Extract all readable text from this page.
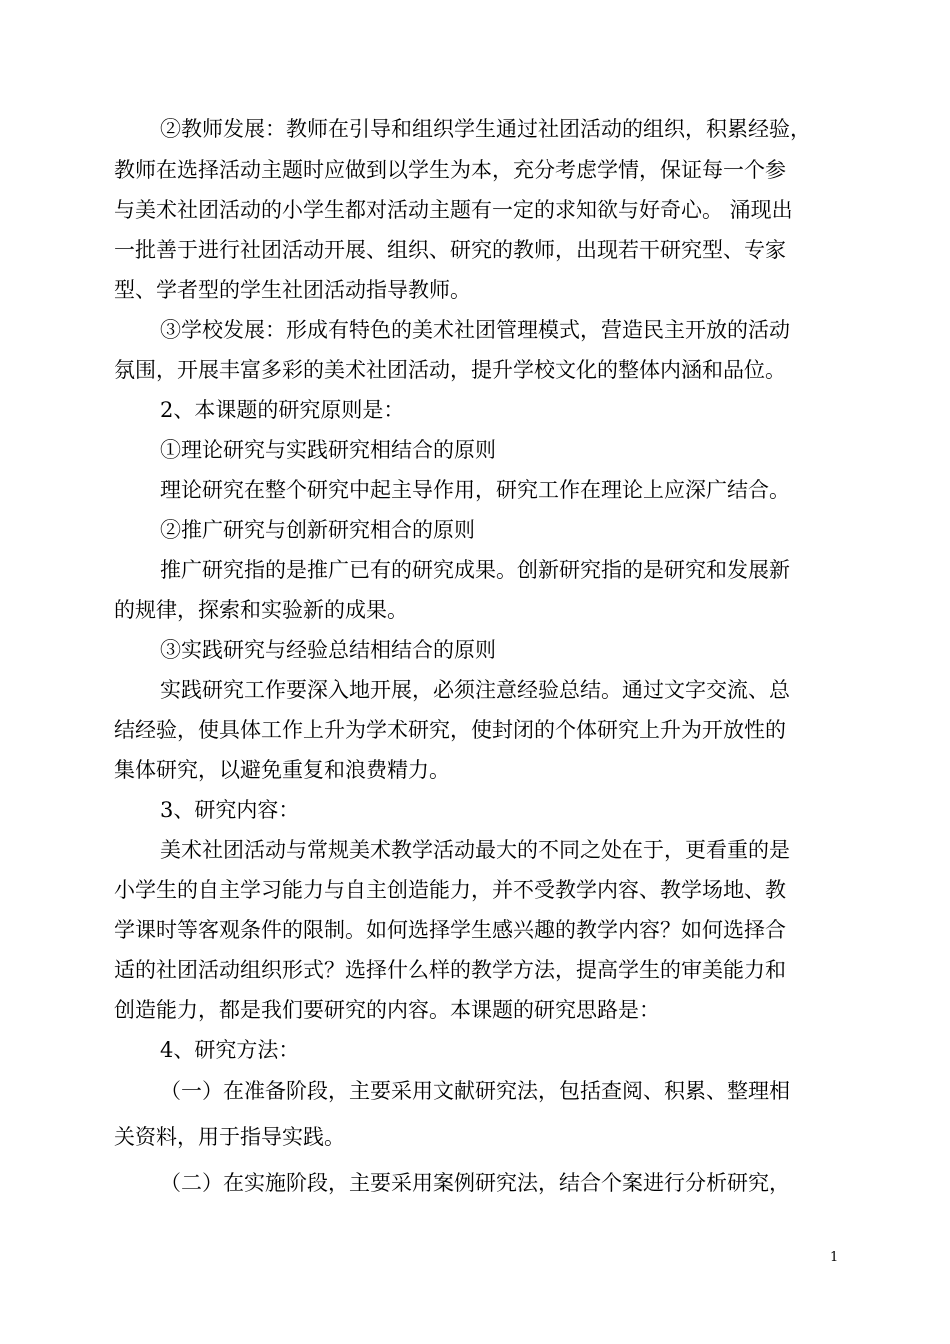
②教师发展：教师在引导和组织学生通过社团活动的组织，积累经验，
教师在选择活动主题时应做到以学生为本，充分考虑学情，保证每一个参
与美术社团活动的小学生都对活动主题有一定的求知欲与好奇心。 涌现出
一批善于进行社团活动开展、组织、研究的教师，出现若干研究型、专家
型、学者型的学生社团活动指导教师。
③学校发展：形成有特色的美术社团管理模式，营造民主开放的活动
氛围，开展丰富多彩的美术社团活动，提升学校文化的整体内涵和品位。
2、本课题的研究原则是：
①理论研究与实践研究相结合的原则
理论研究在整个研究中起主导作用，研究工作在理论上应深广结合。
②推广研究与创新研究相合的原则
推广研究指的是推广已有的研究成果。创新研究指的是研究和发展新
的规律，探索和实验新的成果。
③实践研究与经验总结相结合的原则
实践研究工作要深入地开展，必须注意经验总结。通过文字交流、总
结经验，使具体工作上升为学术研究，使封闭的个体研究上升为开放性的
集体研究，以避免重复和浪费精力。
3、研究内容：
美术社团活动与常规美术教学活动最大的不同之处在于，更看重的是
小学生的自主学习能力与自主创造能力，并不受教学内容、教学场地、教
学课时等客观条件的限制。如何选择学生感兴趣的教学内容？如何选择合
适的社团活动组织形式？选择什么样的教学方法，提高学生的审美能力和
创造能力，都是我们要研究的内容。本课题的研究思路是：
4、研究方法：
（一）在准备阶段，主要采用文献研究法，包括查阅、积累、整理相
关资料，用于指导实践。
（二）在实施阶段，主要采用案例研究法，结合个案进行分析研究，
1
